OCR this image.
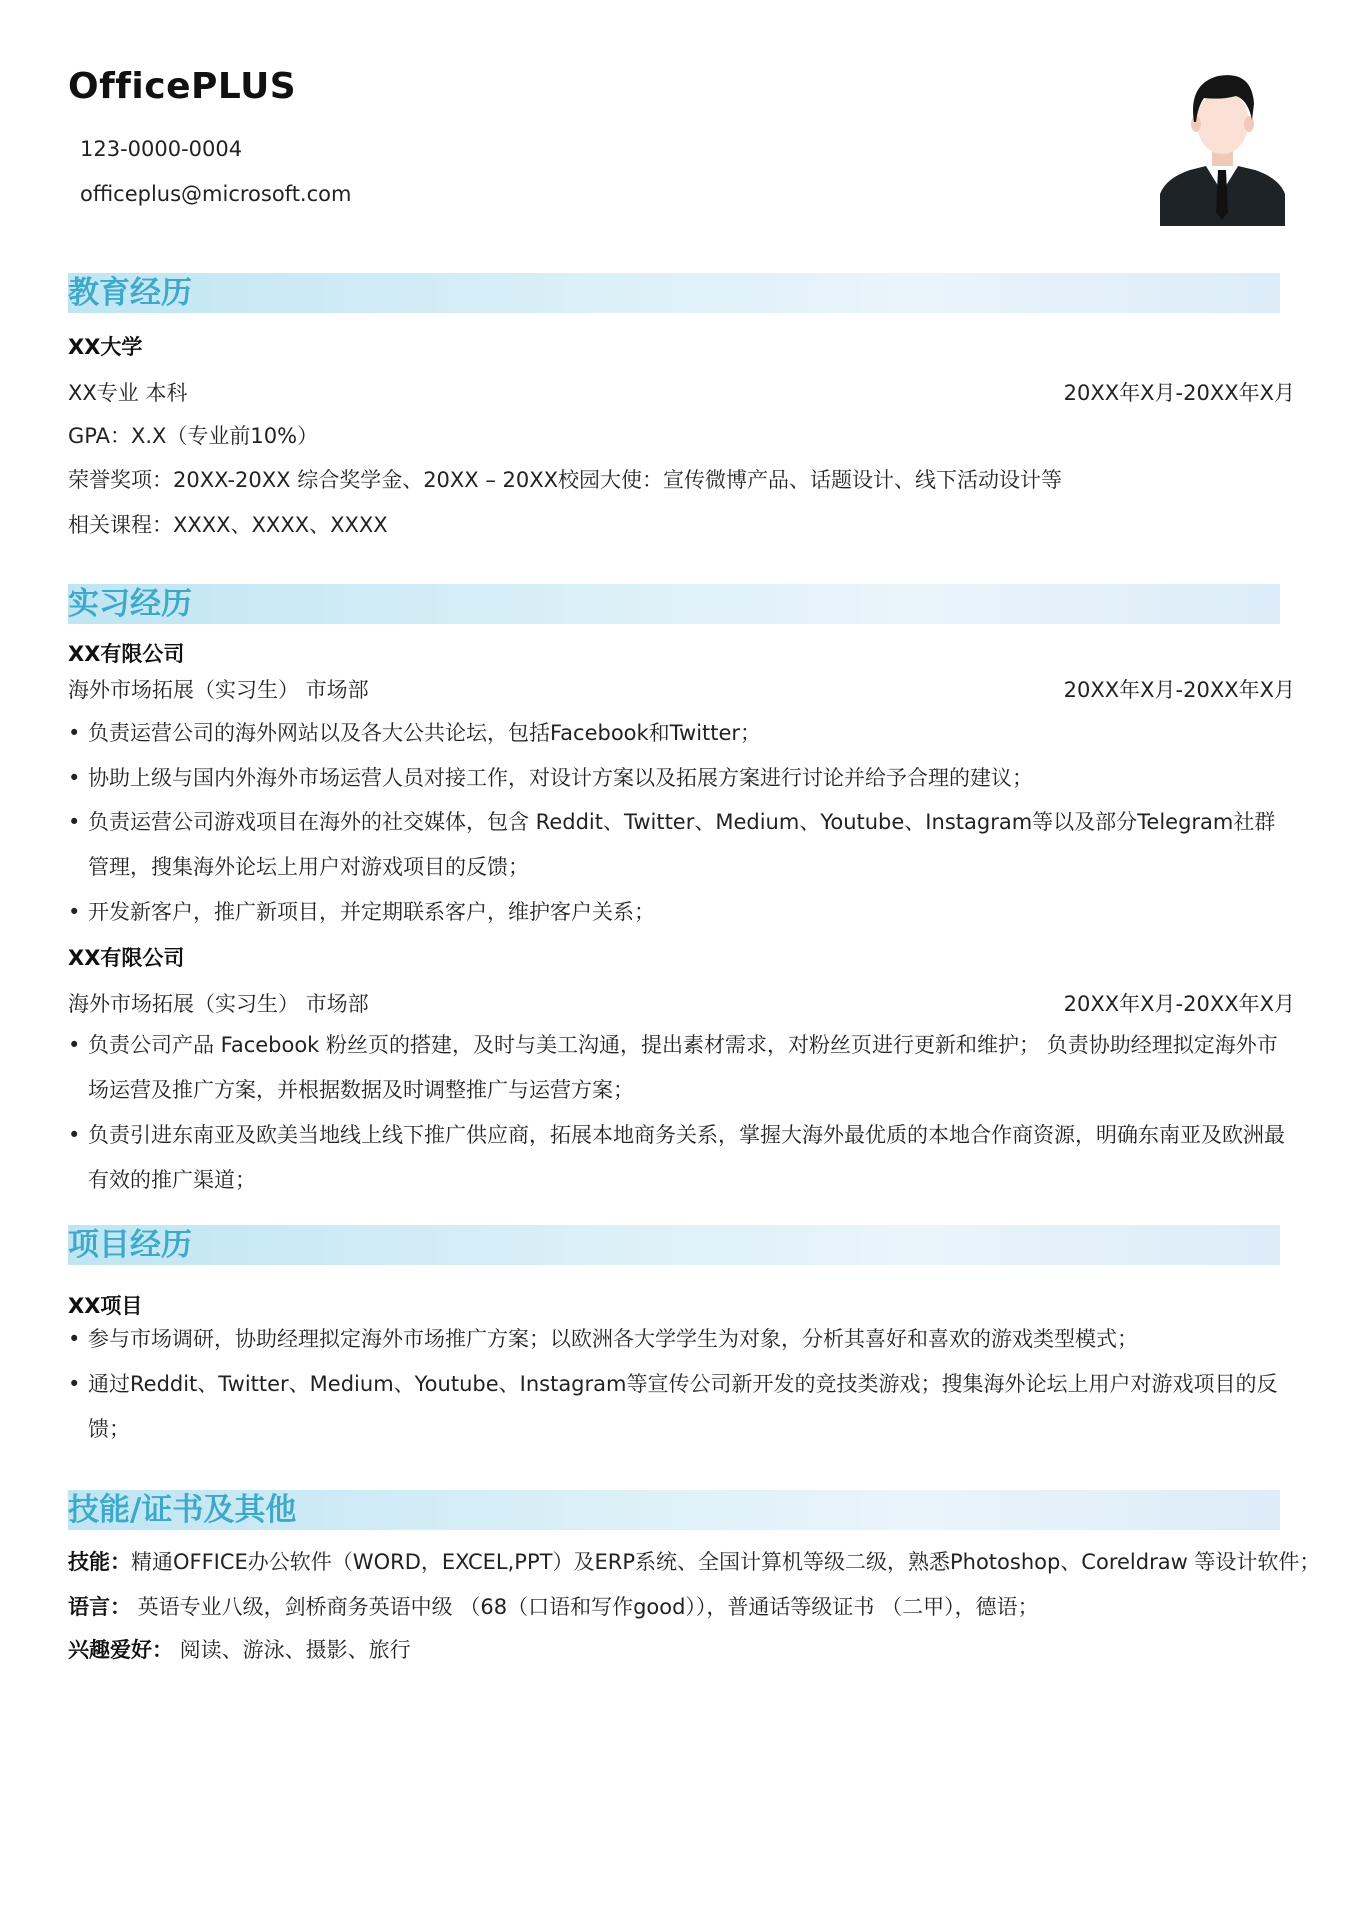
OfficePLUS
123-0000-0004
officeplus@microsoft.com
教育经历
XX大学
XX专业 本科	20XX年X月-20XX年X月
GPA：X.X（专业前10%）
荣誉奖项：20XX-20XX 综合奖学金、20XX – 20XX校园大使：宣传微博产品、话题设计、线下活动设计等
相关课程：XXXX、XXXX、XXXX
实习经历
XX有限公司
海外市场拓展（实习生） 市场部	20XX年X月-20XX年X月
• 负责运营公司的海外网站以及各大公共论坛，包括Facebook和Twitter；
• 协助上级与国内外海外市场运营人员对接工作，对设计方案以及拓展方案进行讨论并给予合理的建议；
• 负责运营公司游戏项目在海外的社交媒体，包含 Reddit、Twitter、Medium、Youtube、Instagram等以及部分Telegram社群管理，搜集海外论坛上用户对游戏项目的反馈；
• 开发新客户，推广新项目，并定期联系客户，维护客户关系；
XX有限公司
海外市场拓展（实习生） 市场部	20XX年X月-20XX年X月
• 负责公司产品 Facebook 粉丝页的搭建，及时与美工沟通，提出素材需求，对粉丝页进行更新和维护； 负责协助经理拟定海外市场运营及推广方案，并根据数据及时调整推广与运营方案；
• 负责引进东南亚及欧美当地线上线下推广供应商，拓展本地商务关系，掌握大海外最优质的本地合作商资源，明确东南亚及欧洲最有效的推广渠道；
项目经历
XX项目
• 参与市场调研，协助经理拟定海外市场推广方案；以欧洲各大学学生为对象，分析其喜好和喜欢的游戏类型模式；
• 通过Reddit、Twitter、Medium、Youtube、Instagram等宣传公司新开发的竞技类游戏；搜集海外论坛上用户对游戏项目的反馈；
技能/证书及其他
技能：精通OFFICE办公软件（WORD，EXCEL,PPT）及ERP系统、全国计算机等级二级，熟悉Photoshop、Coreldraw 等设计软件；
语言： 英语专业八级，剑桥商务英语中级 （68（口语和写作good）），普通话等级证书 （二甲），德语；
兴趣爱好： 阅读、游泳、摄影、旅行
